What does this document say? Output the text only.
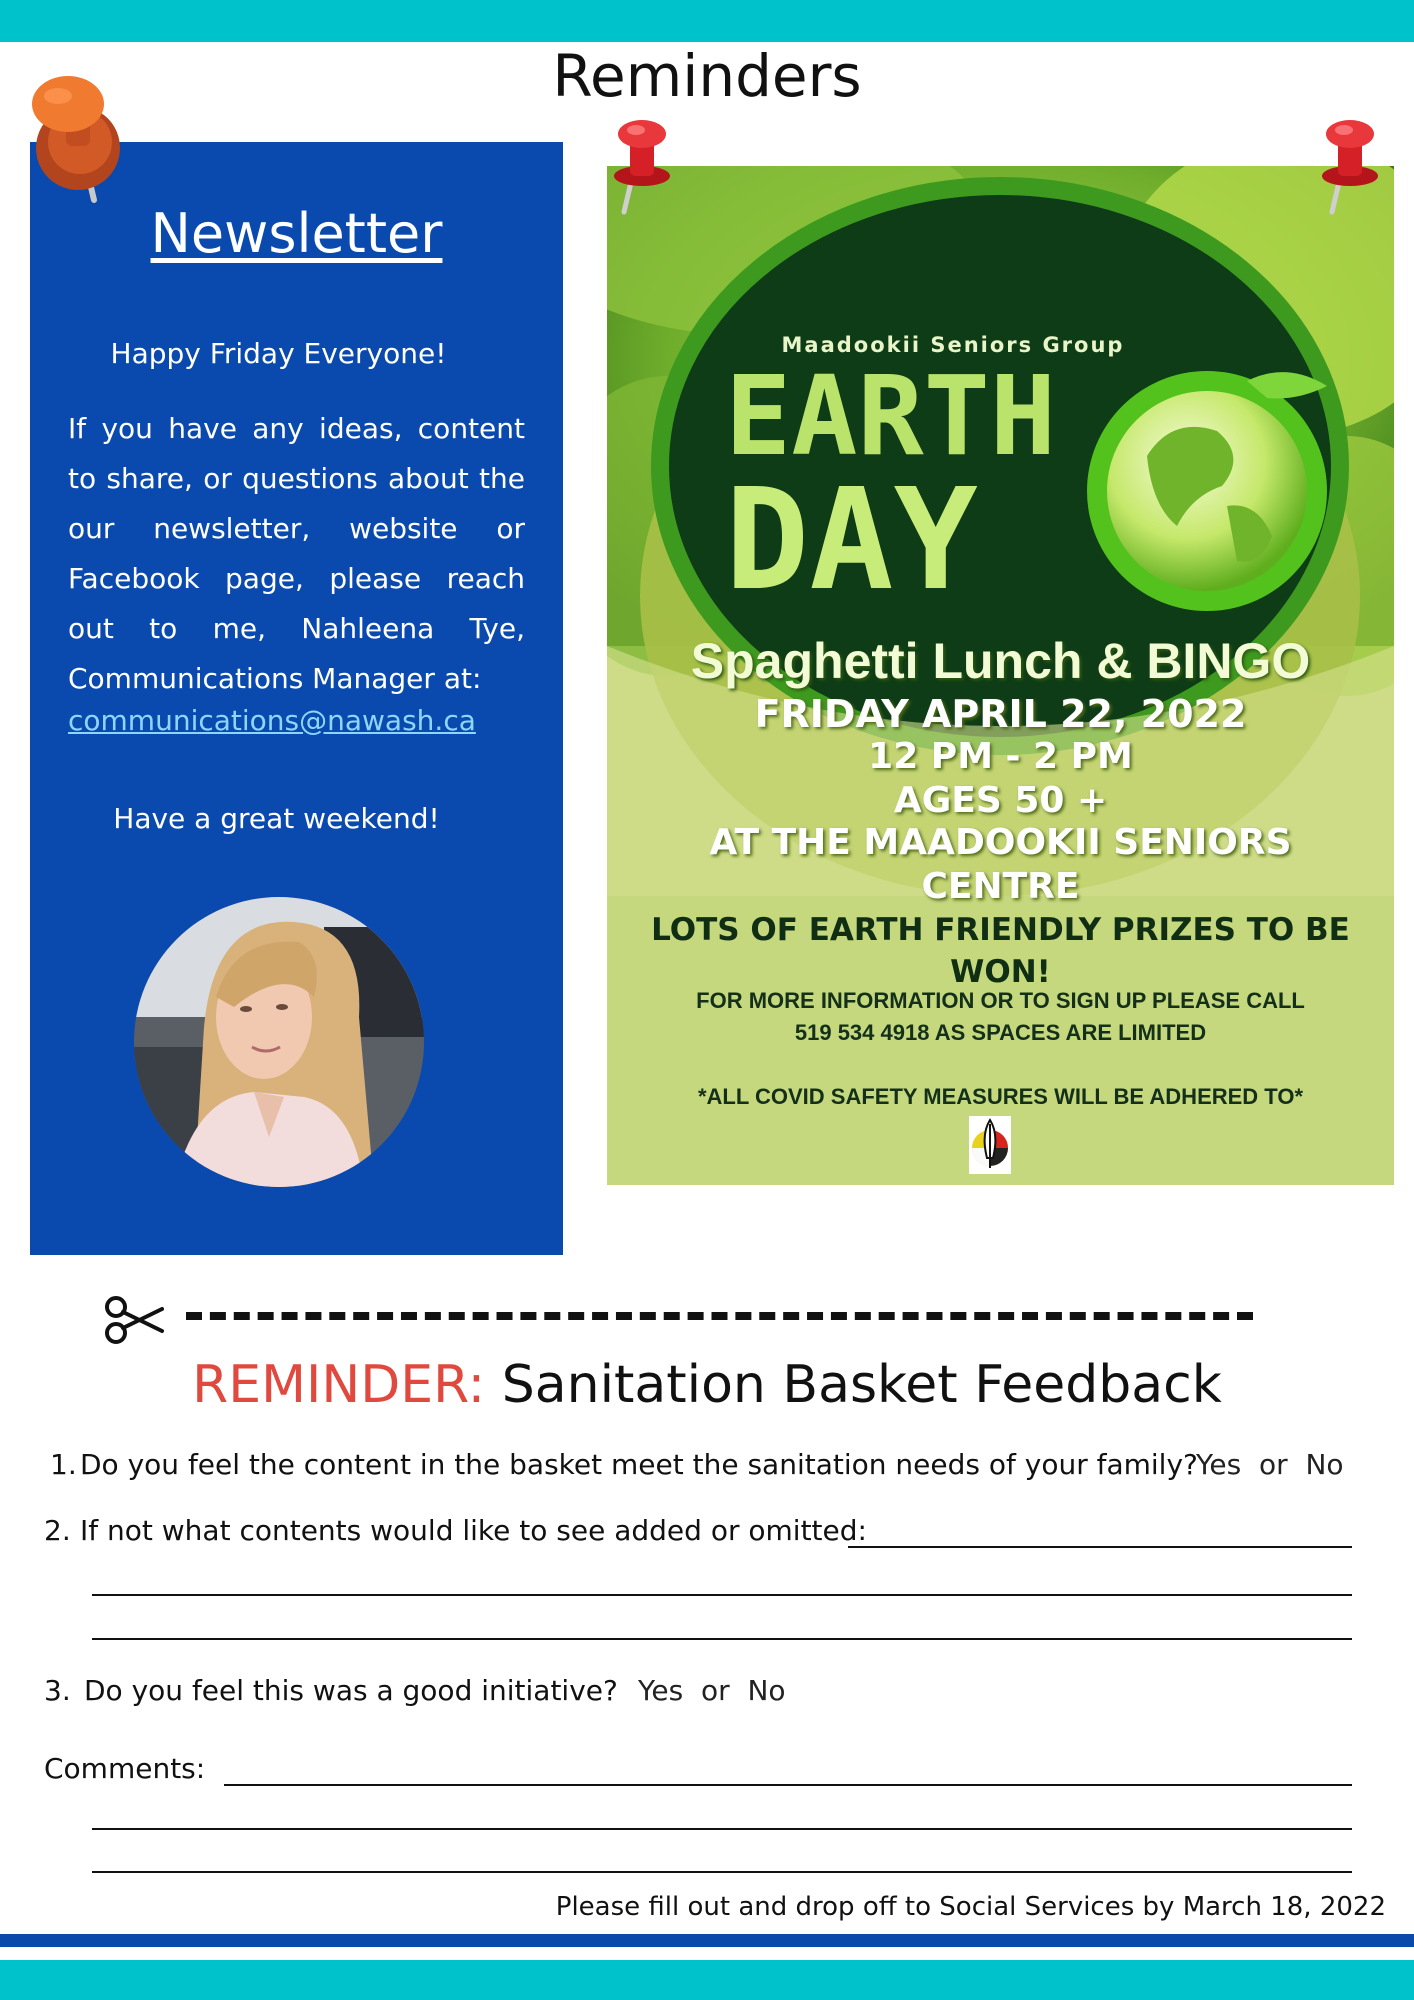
Reminders
Newsletter
Happy Friday Everyone!
If you have any ideas, content to share, or questions about the our newsletter, website or Facebook page, please reach out to me, Nahleena Tye, Communications Manager at:
communications@nawash.ca
Have a great weekend!
Maadookii Seniors Group
EARTH
DAY
Spaghetti Lunch & BINGO
FRIDAY APRIL 22, 2022
12 PM - 2 PM
AGES 50 +
AT THE MAADOOKII SENIORS
CENTRE
LOTS OF EARTH FRIENDLY PRIZES TO BE
WON!
FOR MORE INFORMATION OR TO SIGN UP PLEASE CALL
519 534 4918 AS SPACES ARE LIMITED
*ALL COVID SAFETY MEASURES WILL BE ADHERED TO*
REMINDER: Sanitation Basket Feedback
1. Do you feel the content in the basket meet the sanitation needs of your family?
Yes  or  No
2. If not what contents would like to see added or omitted:
3. Do you feel this was a good initiative? Yes  or  No
Comments:
Please fill out and drop off to Social Services by March 18, 2022
